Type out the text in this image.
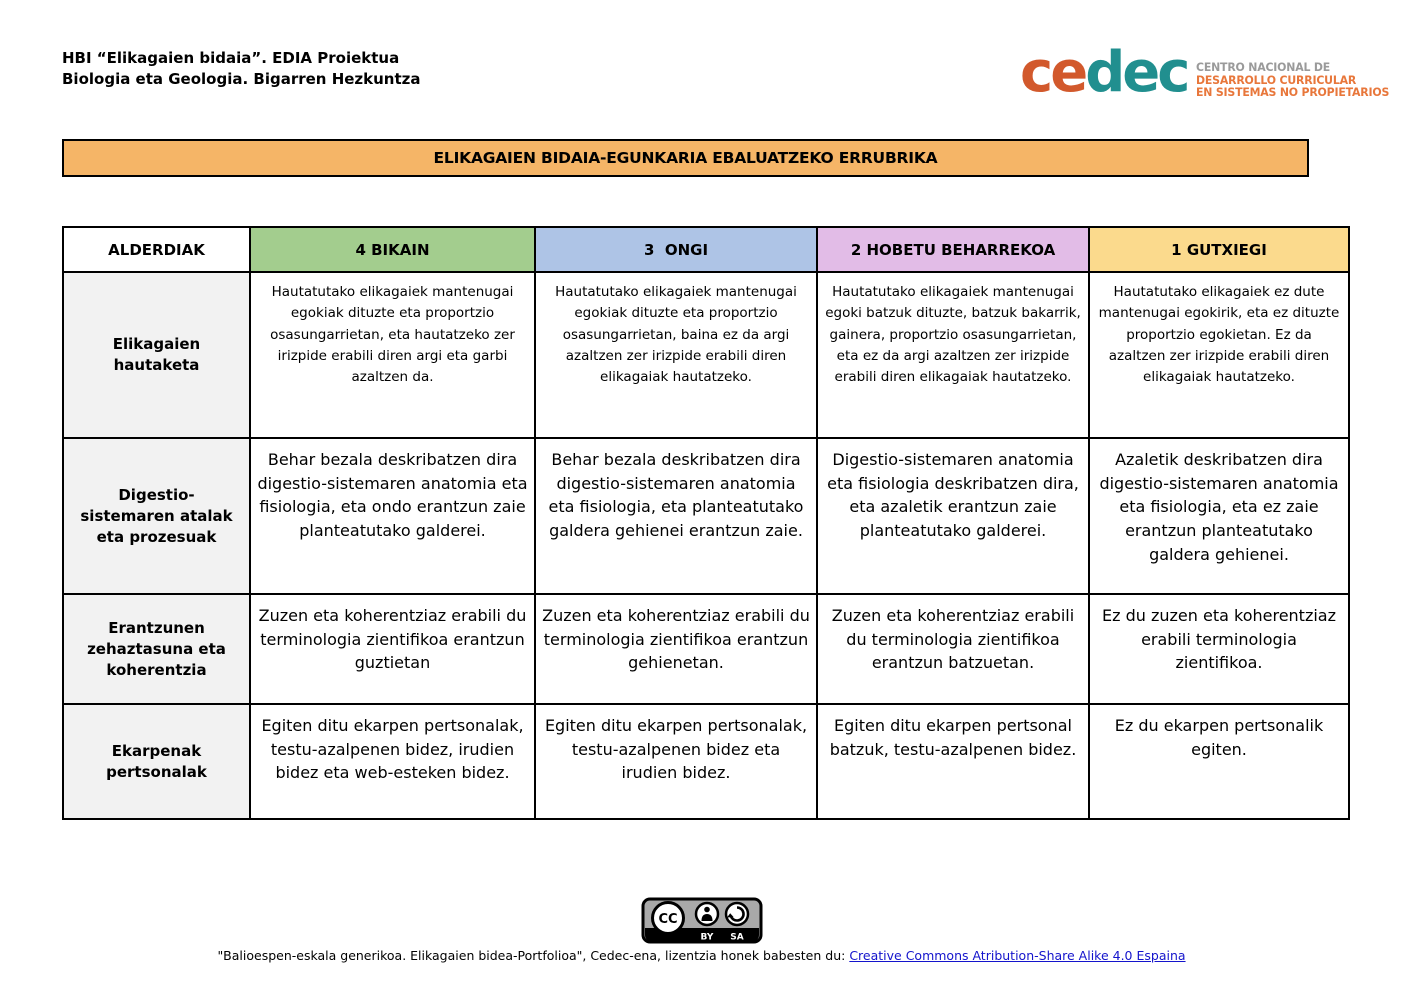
HBI “Elikagaien bidaia”. EDIA Proiektua
Biologia eta Geologia. Bigarren Hezkuntza	cedec CENTRO NACIONAL DE
DESARROLLO CURRICULAR
EN SISTEMAS NO PROPIETARIOS
ELIKAGAIEN BIDAIA-EGUNKARIA EBALUATZEKO ERRUBRIKA
ALDERDIAK	4 BIKAIN	3  ONGI	2 HOBETU BEHARREKOA	1 GUTXIEGI
Elikagaien hautaketa	Hautatutako elikagaiek mantenugai egokiak dituzte eta proportzio osasungarrietan, eta hautatzeko zer irizpide erabili diren argi eta garbi azaltzen da.	Hautatutako elikagaiek mantenugai egokiak dituzte eta proportzio osasungarrietan, baina ez da argi azaltzen zer irizpide erabili diren elikagaiak hautatzeko.	Hautatutako elikagaiek mantenugai egoki batzuk dituzte, batzuk bakarrik, gainera, proportzio osasungarrietan, eta ez da argi azaltzen zer irizpide erabili diren elikagaiak hautatzeko.	Hautatutako elikagaiek ez dute mantenugai egokirik, eta ez dituzte proportzio egokietan. Ez da azaltzen zer irizpide erabili diren elikagaiak hautatzeko.
Digestio-sistemaren atalak eta prozesuak	Behar bezala deskribatzen dira digestio-sistemaren anatomia eta fisiologia, eta ondo erantzun zaie planteatutako galderei.	Behar bezala deskribatzen dira digestio-sistemaren anatomia eta fisiologia, eta planteatutako galdera gehienei erantzun zaie.	Digestio-sistemaren anatomia eta fisiologia deskribatzen dira, eta azaletik erantzun zaie planteatutako galderei.	Azaletik deskribatzen dira digestio-sistemaren anatomia eta fisiologia, eta ez zaie erantzun planteatutako galdera gehienei.
Erantzunen zehaztasuna eta koherentzia	Zuzen eta koherentziaz erabili du terminologia zientifikoa erantzun guztietan	Zuzen eta koherentziaz erabili du terminologia zientifikoa erantzun gehienetan.	Zuzen eta koherentziaz erabili du terminologia zientifikoa erantzun batzuetan.	Ez du zuzen eta koherentziaz erabili terminologia zientifikoa.
Ekarpenak pertsonalak	Egiten ditu ekarpen pertsonalak, testu-azalpenen bidez, irudien bidez eta web-esteken bidez.	Egiten ditu ekarpen pertsonalak, testu-azalpenen bidez eta irudien bidez.	Egiten ditu ekarpen pertsonal batzuk, testu-azalpenen bidez.	Ez du ekarpen pertsonalik egiten.
CC
BY SA
"Balioespen-eskala generikoa. Elikagaien bidea-Portfolioa", Cedec-ena, lizentzia honek babesten du: Creative Commons Atribution-Share Alike 4.0 Espaina
